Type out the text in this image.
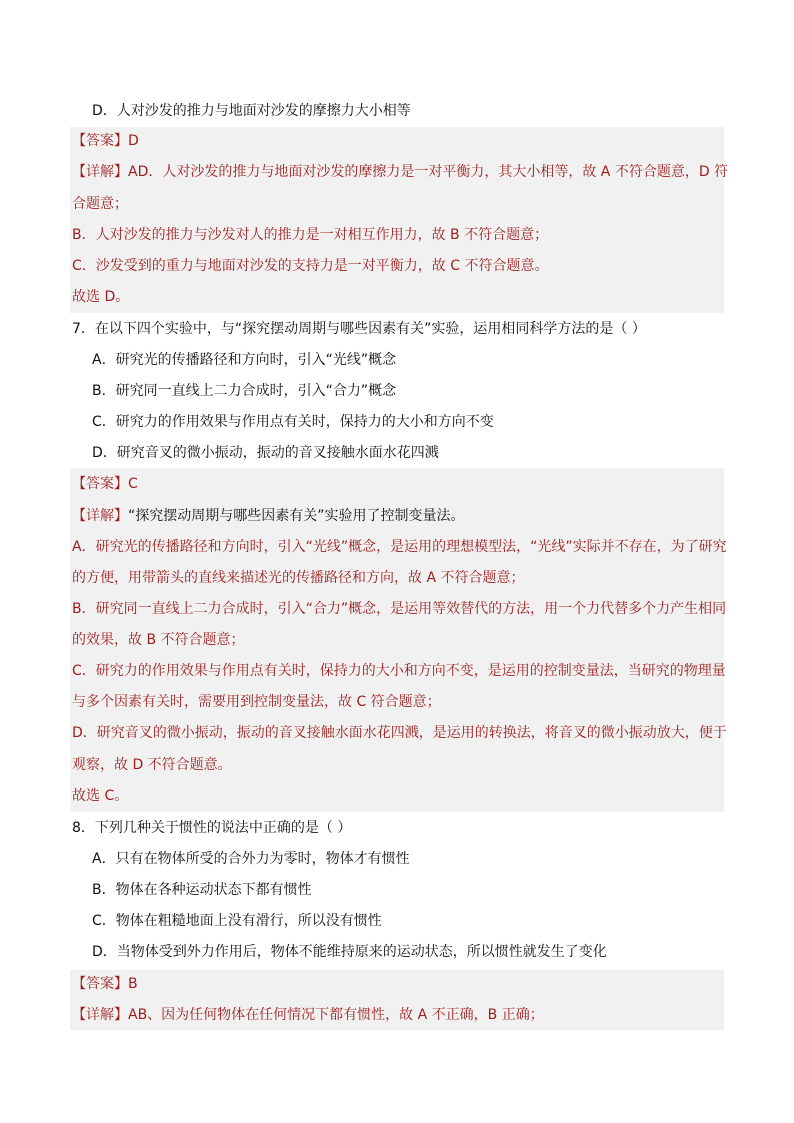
D．人对沙发的推力与地面对沙发的摩擦力大小相等
【答案】D
【详解】AD．人对沙发的推力与地面对沙发的摩擦力是一对平衡力，其大小相等，故 A 不符合题意，D 符
合题意；
B．人对沙发的推力与沙发对人的推力是一对相互作用力，故 B 不符合题意；
C．沙发受到的重力与地面对沙发的支持力是一对平衡力，故 C 不符合题意。
故选 D。
7．在以下四个实验中，与“探究摆动周期与哪些因素有关”实验，运用相同科学方法的是（ ）
A．研究光的传播路径和方向时，引入“光线”概念
B．研究同一直线上二力合成时，引入“合力”概念
C．研究力的作用效果与作用点有关时，保持力的大小和方向不变
D．研究音叉的微小振动，振动的音叉接触水面水花四溅
【答案】C
【详解】“探究摆动周期与哪些因素有关”实验用了控制变量法。
A．研究光的传播路径和方向时，引入“光线”概念，是运用的理想模型法，“光线”实际并不存在，为了研究
的方便，用带箭头的直线来描述光的传播路径和方向，故 A 不符合题意；
B．研究同一直线上二力合成时，引入“合力”概念，是运用等效替代的方法，用一个力代替多个力产生相同
的效果，故 B 不符合题意；
C．研究力的作用效果与作用点有关时，保持力的大小和方向不变，是运用的控制变量法，当研究的物理量
与多个因素有关时，需要用到控制变量法，故 C 符合题意；
D．研究音叉的微小振动，振动的音叉接触水面水花四溅，是运用的转换法，将音叉的微小振动放大，便于
观察，故 D 不符合题意。
故选 C。
8．下列几种关于惯性的说法中正确的是（ ）
A．只有在物体所受的合外力为零时，物体才有惯性
B．物体在各种运动状态下都有惯性
C．物体在粗糙地面上没有滑行，所以没有惯性
D．当物体受到外力作用后，物体不能维持原来的运动状态，所以惯性就发生了变化
【答案】B
【详解】AB、因为任何物体在任何情况下都有惯性，故 A 不正确，B 正确；
